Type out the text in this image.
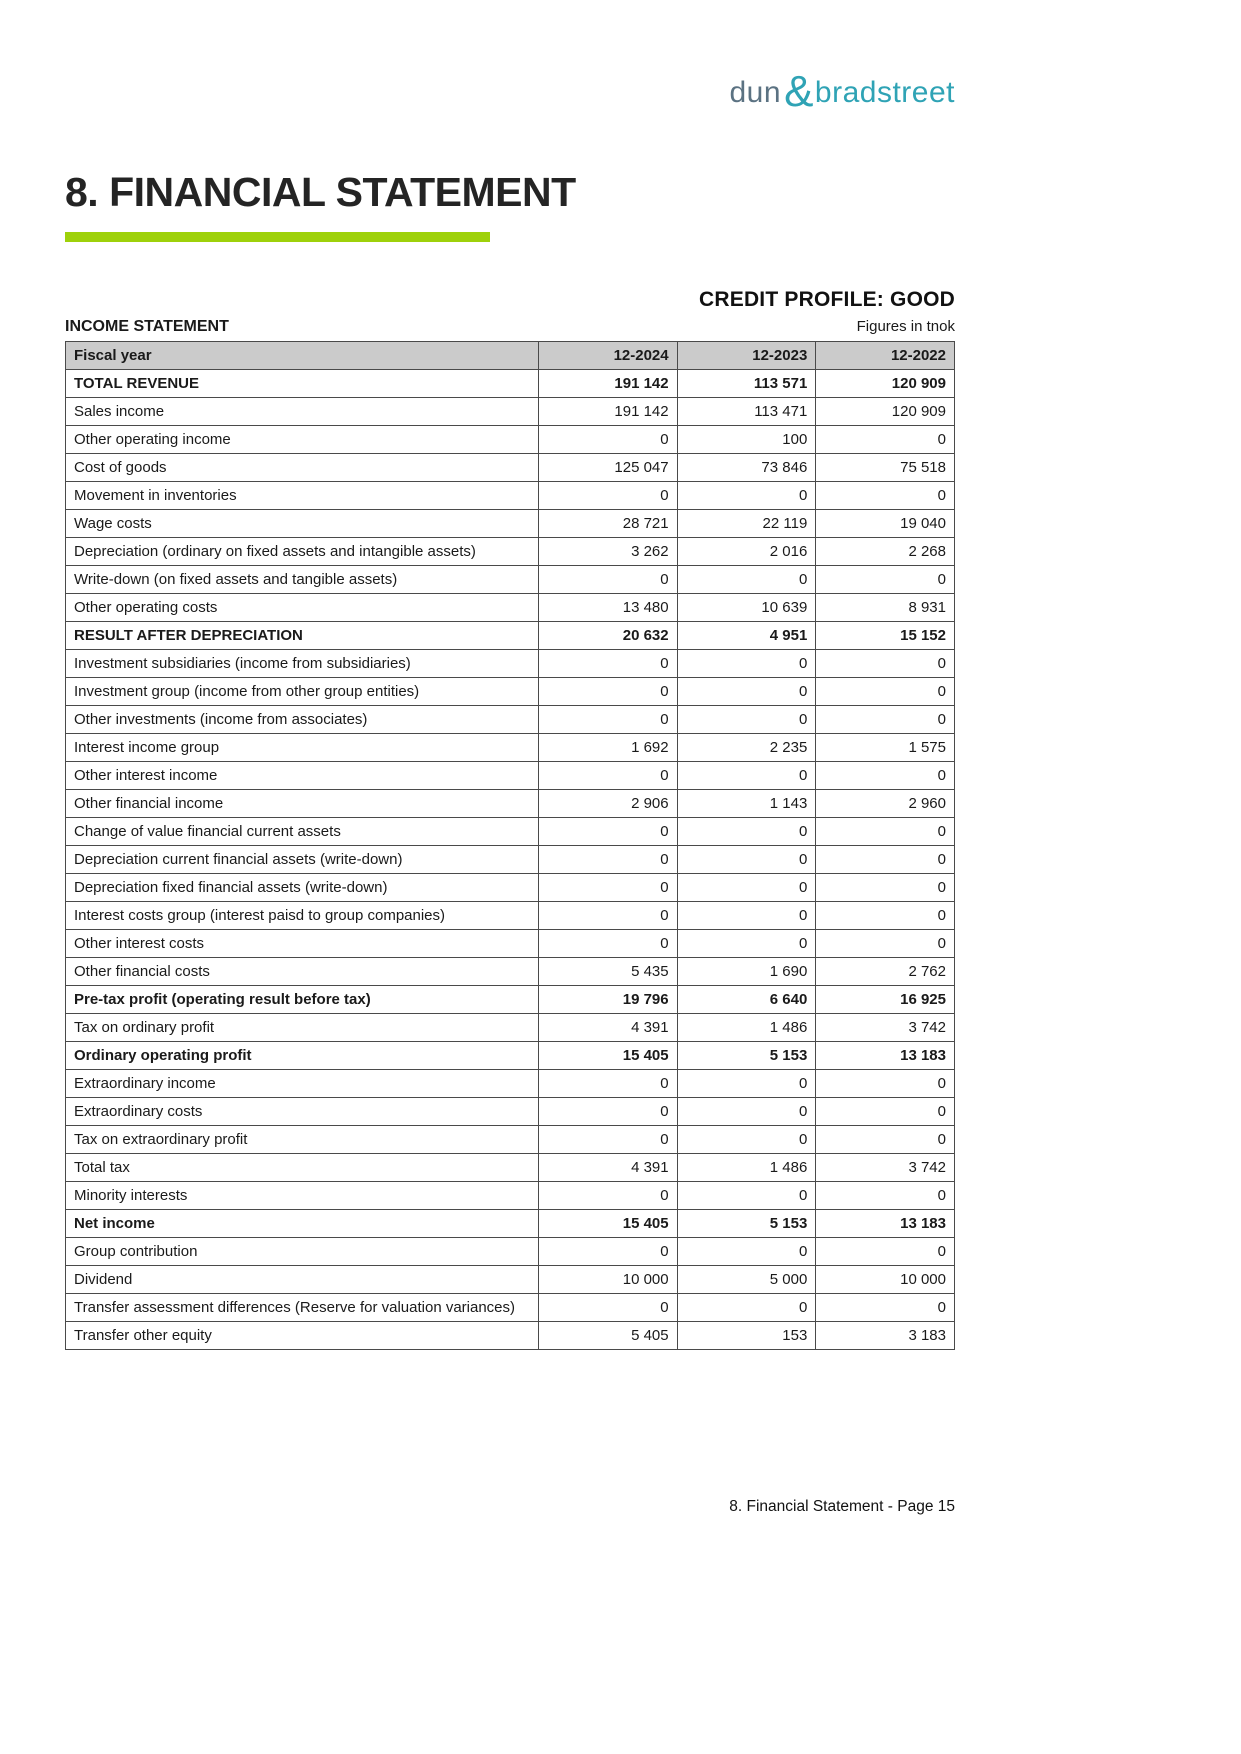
dun&bradstreet
8. FINANCIAL STATEMENT
CREDIT PROFILE: GOOD
INCOME STATEMENT	Figures in tnok
Fiscal year	12-2024	12-2023	12-2022
TOTAL REVENUE	191 142	113 571	120 909
Sales income	191 142	113 471	120 909
Other operating income	0	100	0
Cost of goods	125 047	73 846	75 518
Movement in inventories	0	0	0
Wage costs	28 721	22 119	19 040
Depreciation (ordinary on fixed assets and intangible assets)	3 262	2 016	2 268
Write-down (on fixed assets and tangible assets)	0	0	0
Other operating costs	13 480	10 639	8 931
RESULT AFTER DEPRECIATION	20 632	4 951	15 152
Investment subsidiaries (income from subsidiaries)	0	0	0
Investment group (income from other group entities)	0	0	0
Other investments (income from associates)	0	0	0
Interest income group	1 692	2 235	1 575
Other interest income	0	0	0
Other financial income	2 906	1 143	2 960
Change of value financial current assets	0	0	0
Depreciation current financial assets (write-down)	0	0	0
Depreciation fixed financial assets (write-down)	0	0	0
Interest costs group (interest paisd to group companies)	0	0	0
Other interest costs	0	0	0
Other financial costs	5 435	1 690	2 762
Pre-tax profit (operating result before tax)	19 796	6 640	16 925
Tax on ordinary profit	4 391	1 486	3 742
Ordinary operating profit	15 405	5 153	13 183
Extraordinary income	0	0	0
Extraordinary costs	0	0	0
Tax on extraordinary profit	0	0	0
Total tax	4 391	1 486	3 742
Minority interests	0	0	0
Net income	15 405	5 153	13 183
Group contribution	0	0	0
Dividend	10 000	5 000	10 000
Transfer assessment differences (Reserve for valuation variances)	0	0	0
Transfer other equity	5 405	153	3 183
8. Financial Statement - Page 15
